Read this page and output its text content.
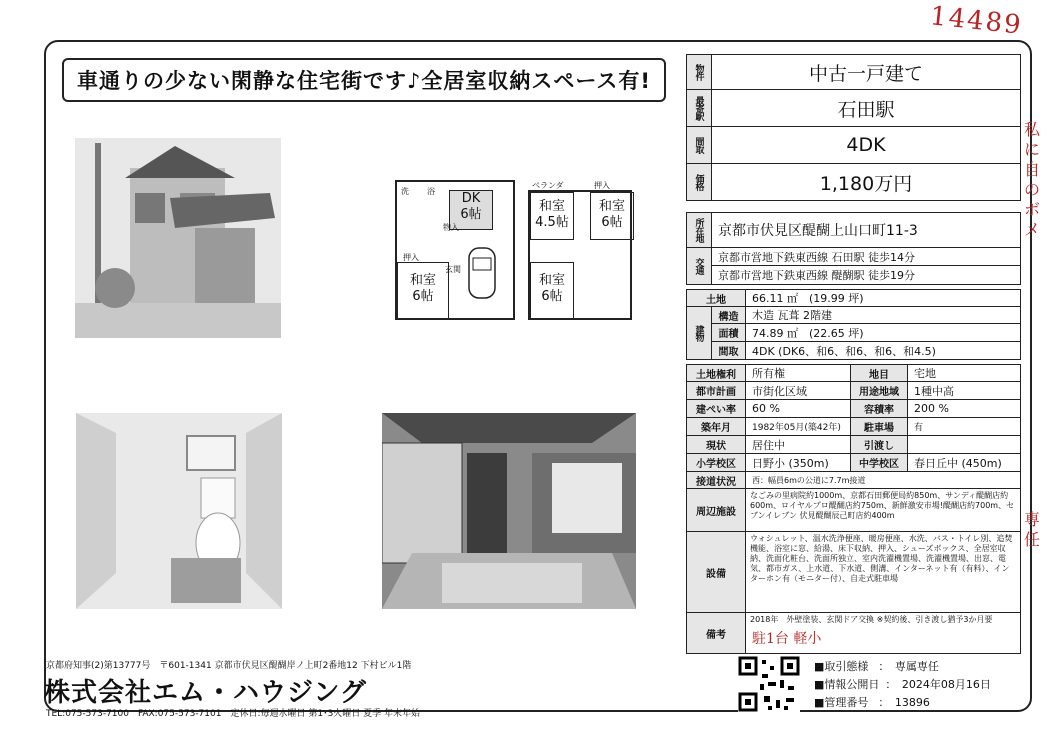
14489
車通りの少ない閑静な住宅街です♪全居室収納スペース有!
DK
6帖
和室
6帖
洗 浴
押入
物入
玄関
和室
4.5帖
和室
6帖
和室
6帖
ベランダ	押入
物件	中古一戸建て
最寄駅	石田駅
間取	4DK
価格	1,180万円
所在地	京都市伏見区醍醐上山口町11-3
交通
京都市営地下鉄東西線 石田駅 徒歩14分
京都市営地下鉄東西線 醍醐駅 徒歩19分
土地	66.11 ㎡　(19.99 坪)
建物
構造	木造 瓦葺 2階建
面積	74.89 ㎡　(22.65 坪)
間取	4DK (DK6、和6、和6、和6、和4.5)
土地権利	所有権	地目	宅地
都市計画	市街化区域	用途地域	1種中高
建ぺい率	60 %	容積率	200 %
築年月	1982年05月(築42年)	駐車場	有
現状	居住中	引渡し
小学校区	日野小 (350m)	中学校区	春日丘中 (450m)
接道状況	西：幅員6mの公道に7.7m接道
周辺施設
なごみの里病院約1000m、京都石田郵便局約850m、サンディ醍醐店約600m、ロイヤルプロ醍醐店約750m、新鮮激安市場!醍醐店約700m、セブンイレブン 伏見醍醐辰己町店約400m
設備
ウォシュレット、温水洗浄便座、暖房便座、水洗、バス・トイレ別、追焚機能、浴室に窓、給湯、床下収納、押入、シューズボックス、全居室収納、洗面化粧台、洗面所独立、室内洗濯機置場、洗濯機置場、出窓、電気、都市ガス、上水道、下水道、側溝、インターネット有（有料）、インターホン有（モニター付）、自走式駐車場
備考
2018年　外壁塗装、玄関ドア交換 ※契約後、引き渡し猶予3か月要
駐1台 軽小
私に自のボメ
専任
京都府知事(2)第13777号　〒601-1341 京都市伏見区醍醐岸ノ上町2番地12 下村ビル1階
株式会社エム・ハウジング
TEL:075-573-7100　FAX:075-573-7101　定休日:毎週水曜日 第1･3火曜日 夏季 年末年始
■取引態様 ：　専属専任
■情報公開日 ：　2024年08月16日
■管理番号 ：　13896
